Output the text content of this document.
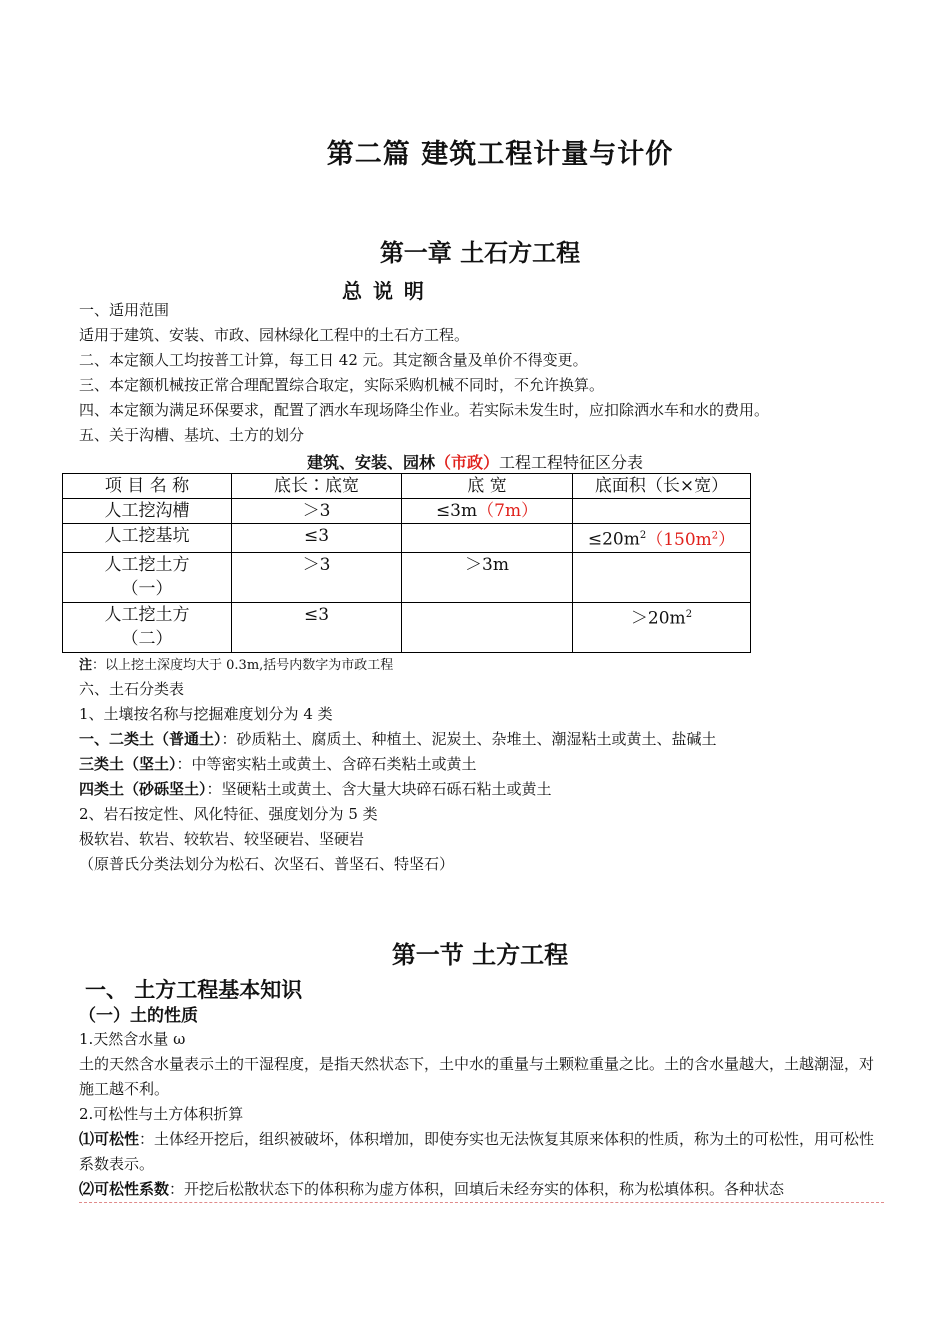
第二篇 建筑工程计量与计价
第一章 土石方工程
总 说 明
一、适用范围
适用于建筑、安装、市政、园林绿化工程中的土石方工程。
二、本定额人工均按普工计算，每工日 42 元。其定额含量及单价不得变更。
三、本定额机械按正常合理配置综合取定，实际采购机械不同时，不允许换算。
四、本定额为满足环保要求，配置了洒水车现场降尘作业。若实际未发生时，应扣除洒水车和水的费用。
五、关于沟槽、基坑、土方的划分
建筑、安装、园林（市政）工程工程特征区分表
项 目 名 称	底长∶底宽	底 宽	底面积（长×宽）
人工挖沟槽	＞3	≤3m（7m）	
人工挖基坑	≤3		$\le 20m^2(150m^2)$

人工挖土方
（一）	＞3	＞3m	

人工挖土方
（二）	≤3		$>20m^2$
注：以上挖土深度均大于 0.3m,括号内数字为市政工程
六、土石分类表
1、土壤按名称与挖掘难度划分为 4 类
一、二类土（普通土）：砂质粘土、腐质土、种植土、泥炭土、杂堆土、潮湿粘土或黄土、盐碱土
三类土（坚土）：中等密实粘土或黄土、含碎石类粘土或黄土
四类土（砂砾坚土）：坚硬粘土或黄土、含大量大块碎石砾石粘土或黄土
2、岩石按定性、风化特征、强度划分为 5 类
极软岩、软岩、较软岩、较坚硬岩、坚硬岩
（原普氏分类法划分为松石、次坚石、普坚石、特坚石）
第一节 土方工程
一、 土方工程基本知识
（一）土的性质
1.天然含水量 ω
土的天然含水量表示土的干湿程度，是指天然状态下，土中水的重量与土颗粒重量之比。土的含水量越大，土越潮湿，对施工越不利。
2.可松性与土方体积折算
⑴可松性：土体经开挖后，组织被破坏，体积增加，即使夯实也无法恢复其原来体积的性质，称为土的可松性，用可松性系数表示。
⑵可松性系数：开挖后松散状态下的体积称为虚方体积，回填后未经夯实的体积，称为松填体积。各种状态
